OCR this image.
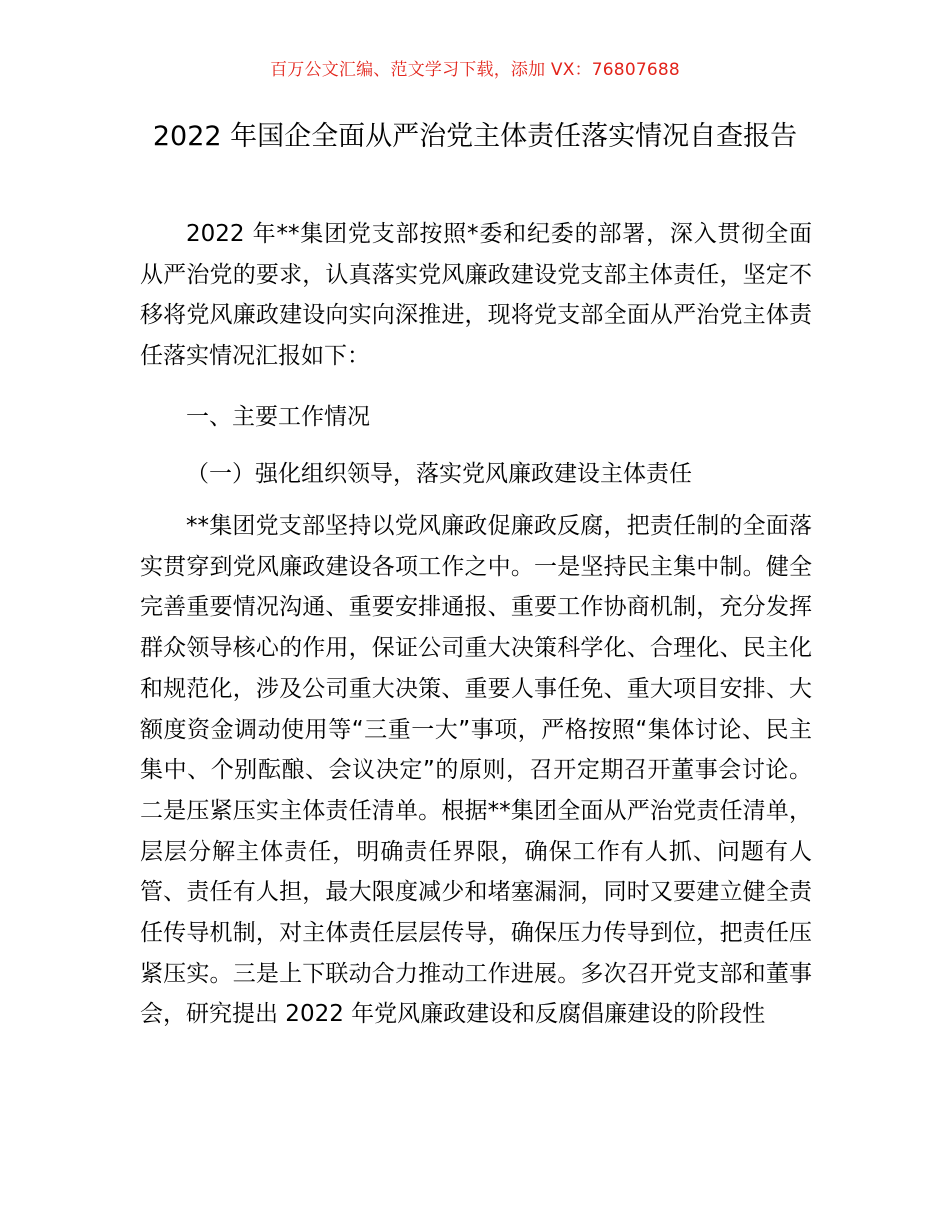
百万公文汇编、范文学习下载，添加 VX：76807688
2022 年国企全面从严治党主体责任落实情况自查报告

2022 年**集团党支部按照*委和纪委的部署，深入贯彻全面从严治党的要求，认真落实党风廉政建设党支部主体责任，坚定不移将党风廉政建设向实向深推进，现将党支部全面从严治党主体责任落实情况汇报如下：

一、主要工作情况

（一）强化组织领导，落实党风廉政建设主体责任

**集团党支部坚持以党风廉政促廉政反腐，把责任制的全面落实贯穿到党风廉政建设各项工作之中。一是坚持民主集中制。健全完善重要情况沟通、重要安排通报、重要工作协商机制，充分发挥群众领导核心的作用，保证公司重大决策科学化、合理化、民主化和规范化，涉及公司重大决策、重要人事任免、重大项目安排、大额度资金调动使用等“三重一大”事项，严格按照“集体讨论、民主集中、个别酝酿、会议决定”的原则，召开定期召开董事会讨论。二是压紧压实主体责任清单。根据**集团全面从严治党责任清单，层层分解主体责任，明确责任界限，确保工作有人抓、问题有人管、责任有人担，最大限度减少和堵塞漏洞，同时又要建立健全责任传导机制，对主体责任层层传导，确保压力传导到位，把责任压紧压实。三是上下联动合力推动工作进展。多次召开党支部和董事会，研究提出 2022 年党风廉政建设和反腐倡廉建设的阶段性
